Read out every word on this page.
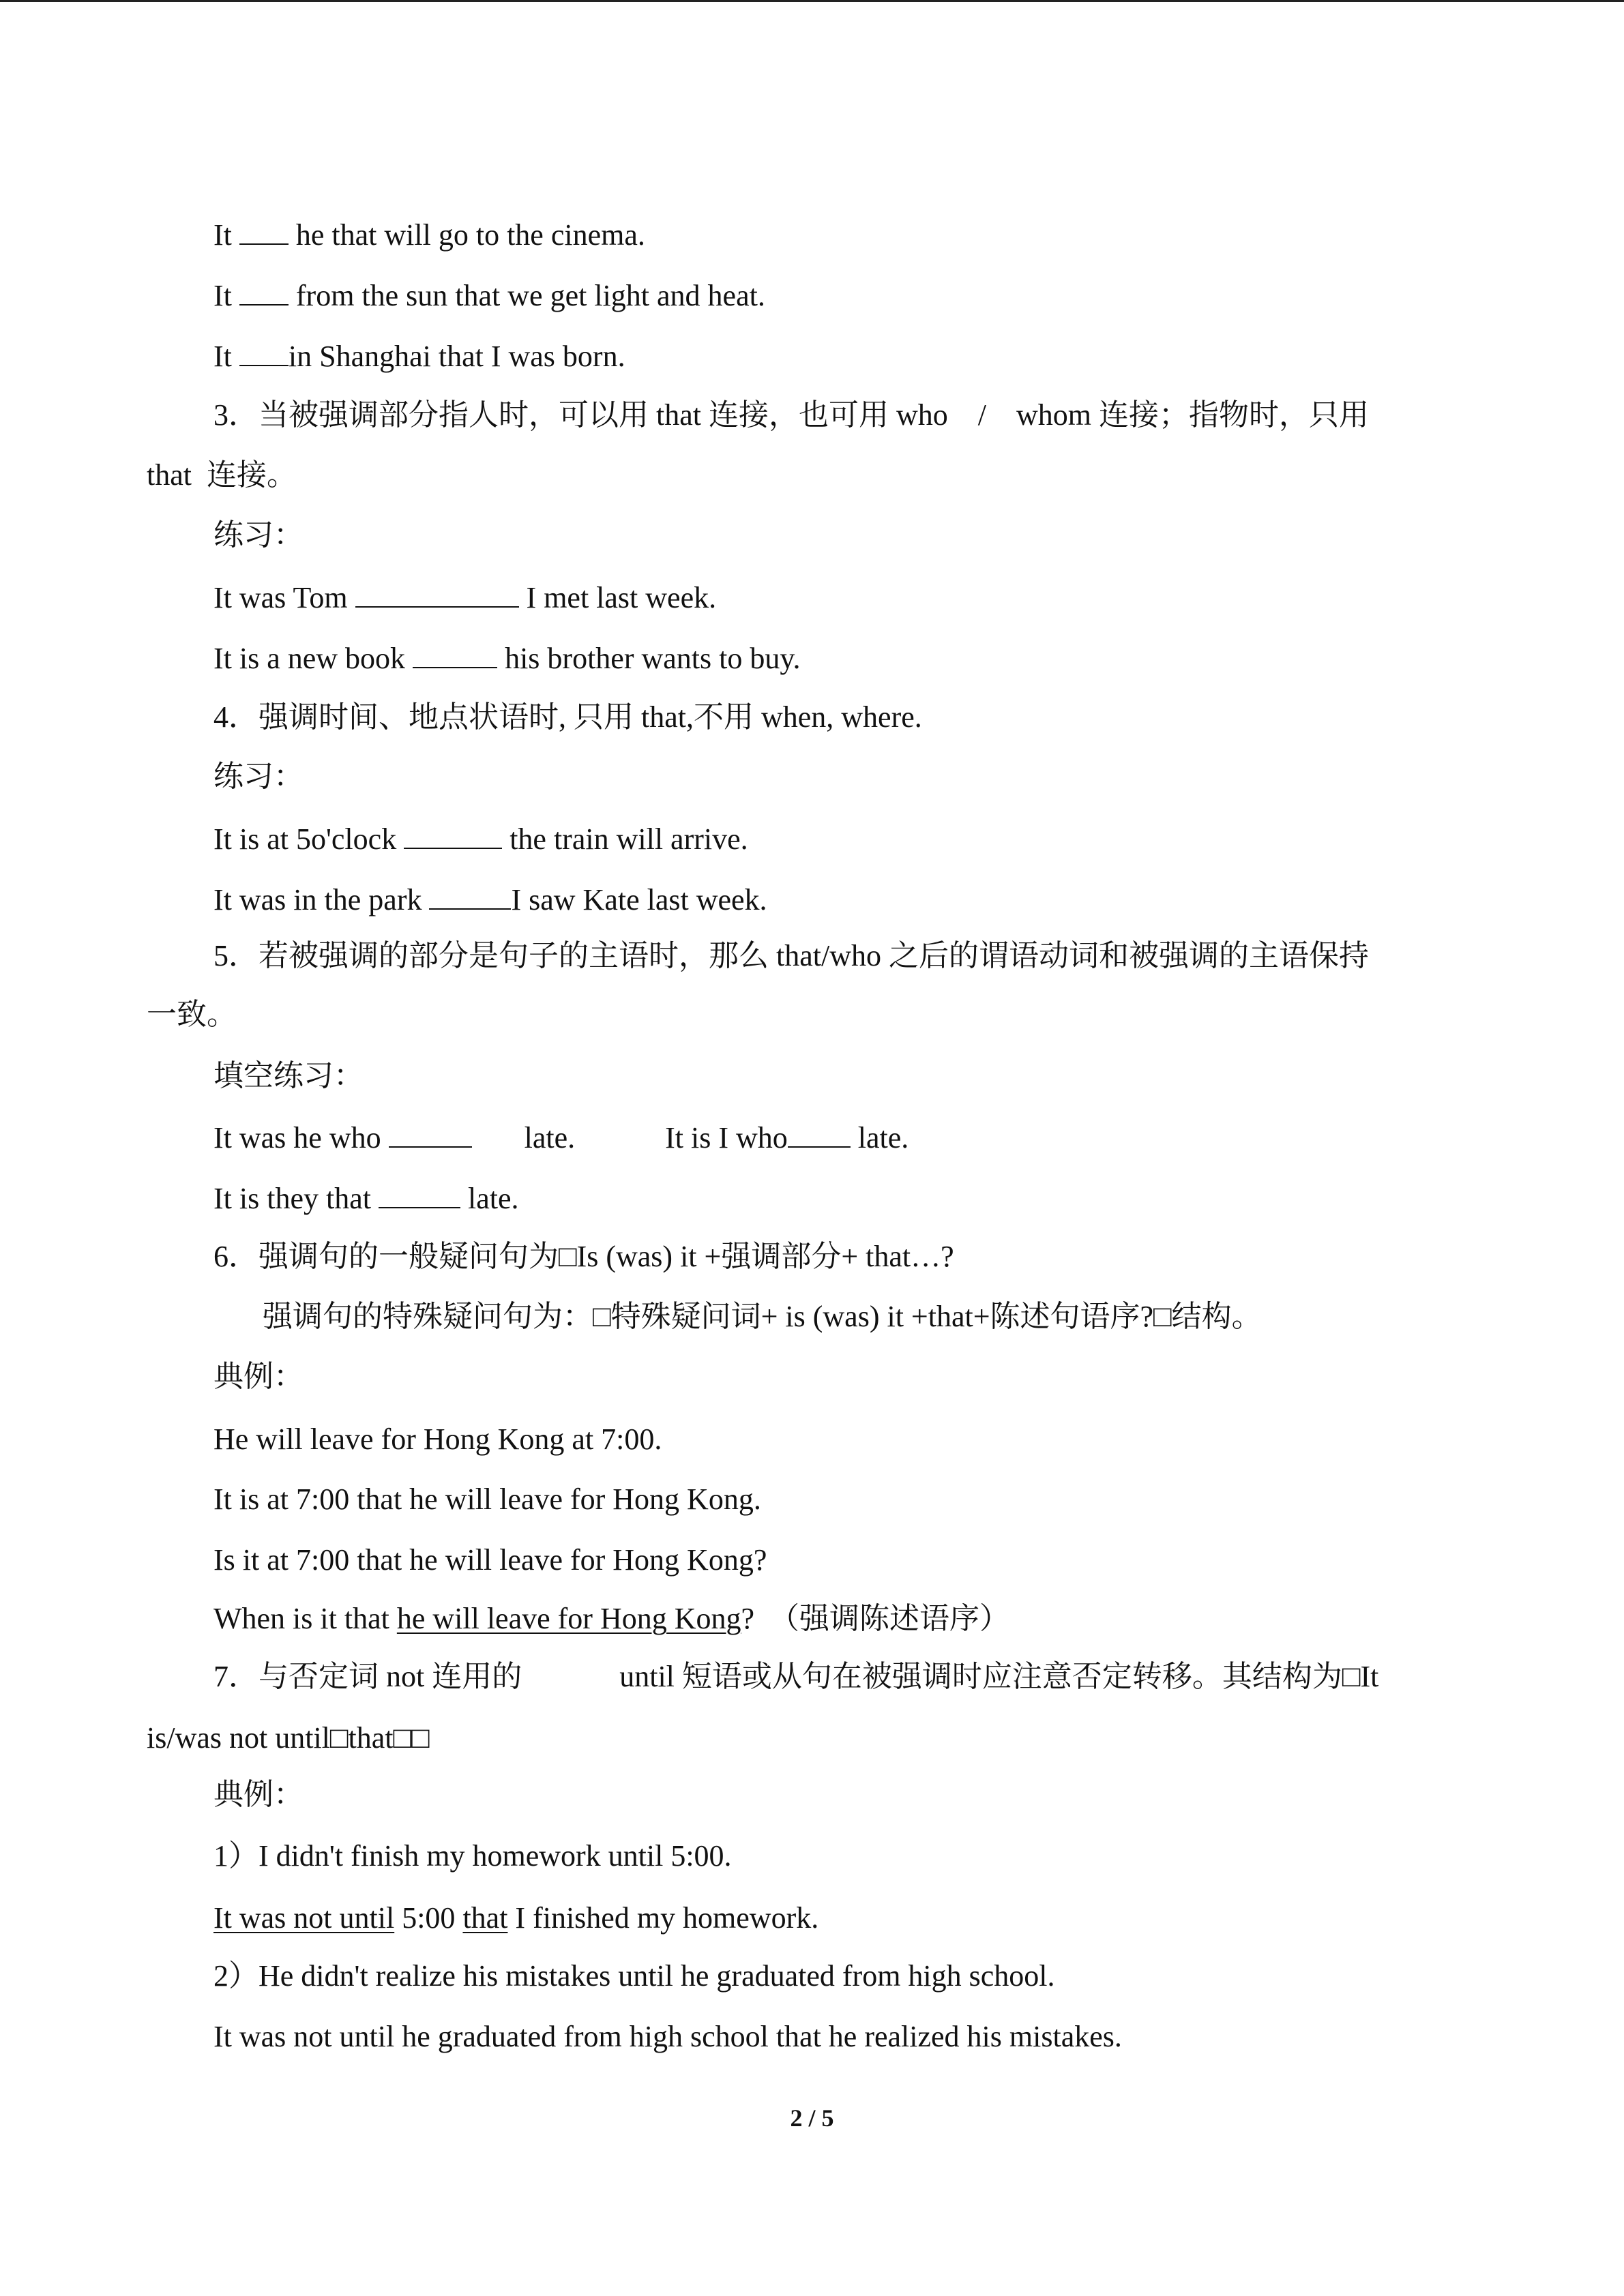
It  he that will go to the cinema.
It  from the sun that we get light and heat.
It in Shanghai that I was born.
3．当被强调部分指人时，可以用 that 连接，也可用 who    /    whom 连接；指物时，只用
that  连接。
练习：
It was Tom	I met last week.
It is a new book	his brother wants to buy.
4．强调时间、地点状语时, 只用 that,不用 when, where.
练习：
It is at 5o'clock	the train will arrive.
It was in the park	I saw Kate last week.
5．若被强调的部分是句子的主语时，那么 that/who 之后的谓语动词和被强调的主语保持
一致。
填空练习：
It was he who	late.            It is I who late.
It is they that	late.
6．强调句的一般疑问句为□Is (was) it +强调部分+ that…?
强调句的特殊疑问句为：□特殊疑问词+ is (was) it +that+陈述句语序?□结构。
典例：
He will leave for Hong Kong at 7:00.
It is at 7:00 that he will leave for Hong Kong.
Is it at 7:00 that he will leave for Hong Kong?
When is it that he will leave for Hong Kong?  （强调陈述语序）
7．与否定词 not 连用的             until 短语或从句在被强调时应注意否定转移。其结构为□It
is/was not until□that□□
典例：
1）I didn't finish my homework until 5:00.
It was not until 5:00 that I finished my homework.
2）He didn't realize his mistakes until he graduated from high school.
It was not until he graduated from high school that he realized his mistakes.
2 / 5
